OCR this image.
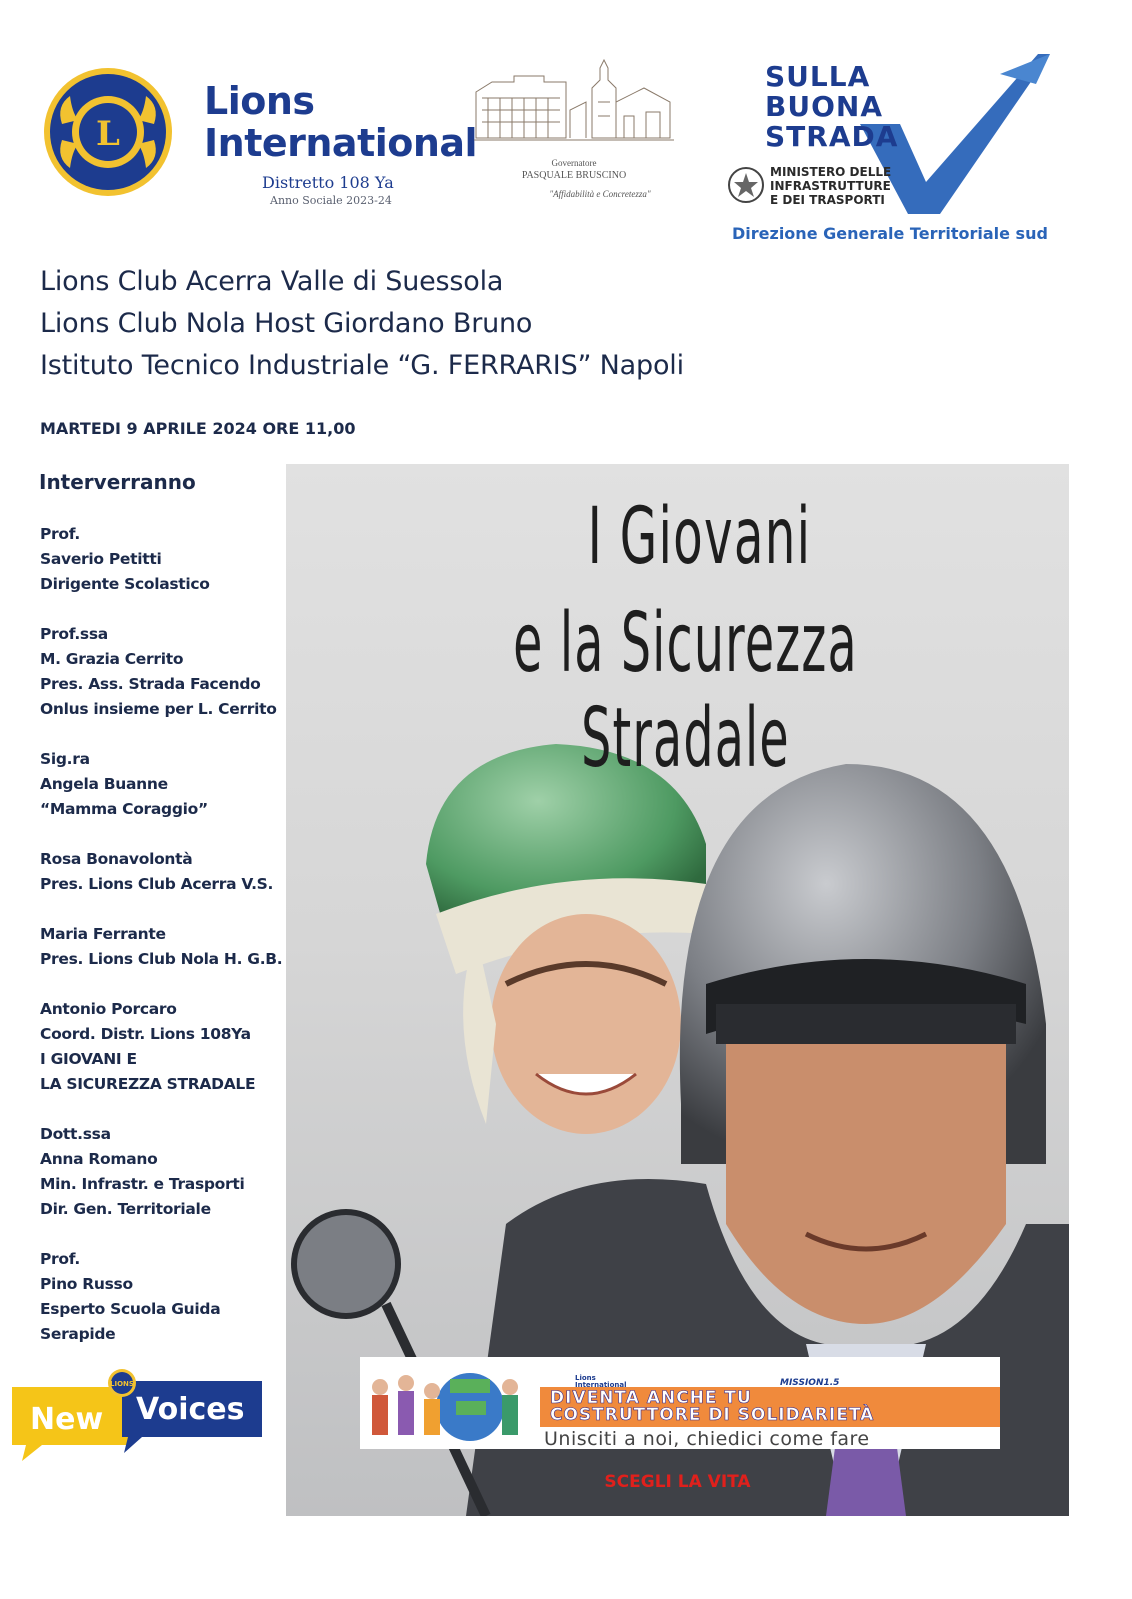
L
Lions
International
Distretto 108 Ya
Anno Sociale 2023-24
Governatore
PASQUALE BRUSCINO
"Affidabilità e Concretezza"
SULLA
BUONA
STRADA
MINISTERO DELLE
INFRASTRUTTURE
E DEI TRASPORTI
Direzione Generale Territoriale sud
Lions Club Acerra Valle di Suessola
Lions Club Nola Host Giordano Bruno
Istituto Tecnico Industriale “G. FERRARIS” Napoli
MARTEDI 9 APRILE 2024 ORE 11,00
Interverranno
Prof.
Saverio Petitti
Dirigente Scolastico
Prof.ssa
M. Grazia Cerrito
Pres. Ass. Strada Facendo
Onlus insieme per L. Cerrito
Sig.ra
Angela Buanne
“Mamma Coraggio”
Rosa Bonavolontà
Pres. Lions Club Acerra V.S.
Maria Ferrante
Pres. Lions Club Nola H. G.B.
Antonio Porcaro
Coord. Distr. Lions 108Ya
I GIOVANI E
LA SICUREZZA STRADALE
Dott.ssa
Anna Romano
Min. Infrastr. e Trasporti
Dir. Gen. Territoriale
Prof.
Pino Russo
Esperto Scuola Guida
Serapide
LIONS
New Voices
I Giovani
e la Sicurezza Stradale
Lions
International	MISSION1.5
DIVENTA ANCHE TU
COSTRUTTORE DI SOLIDARIETÀ
Unisciti a noi, chiedici come fare
SCEGLI LA VITA
